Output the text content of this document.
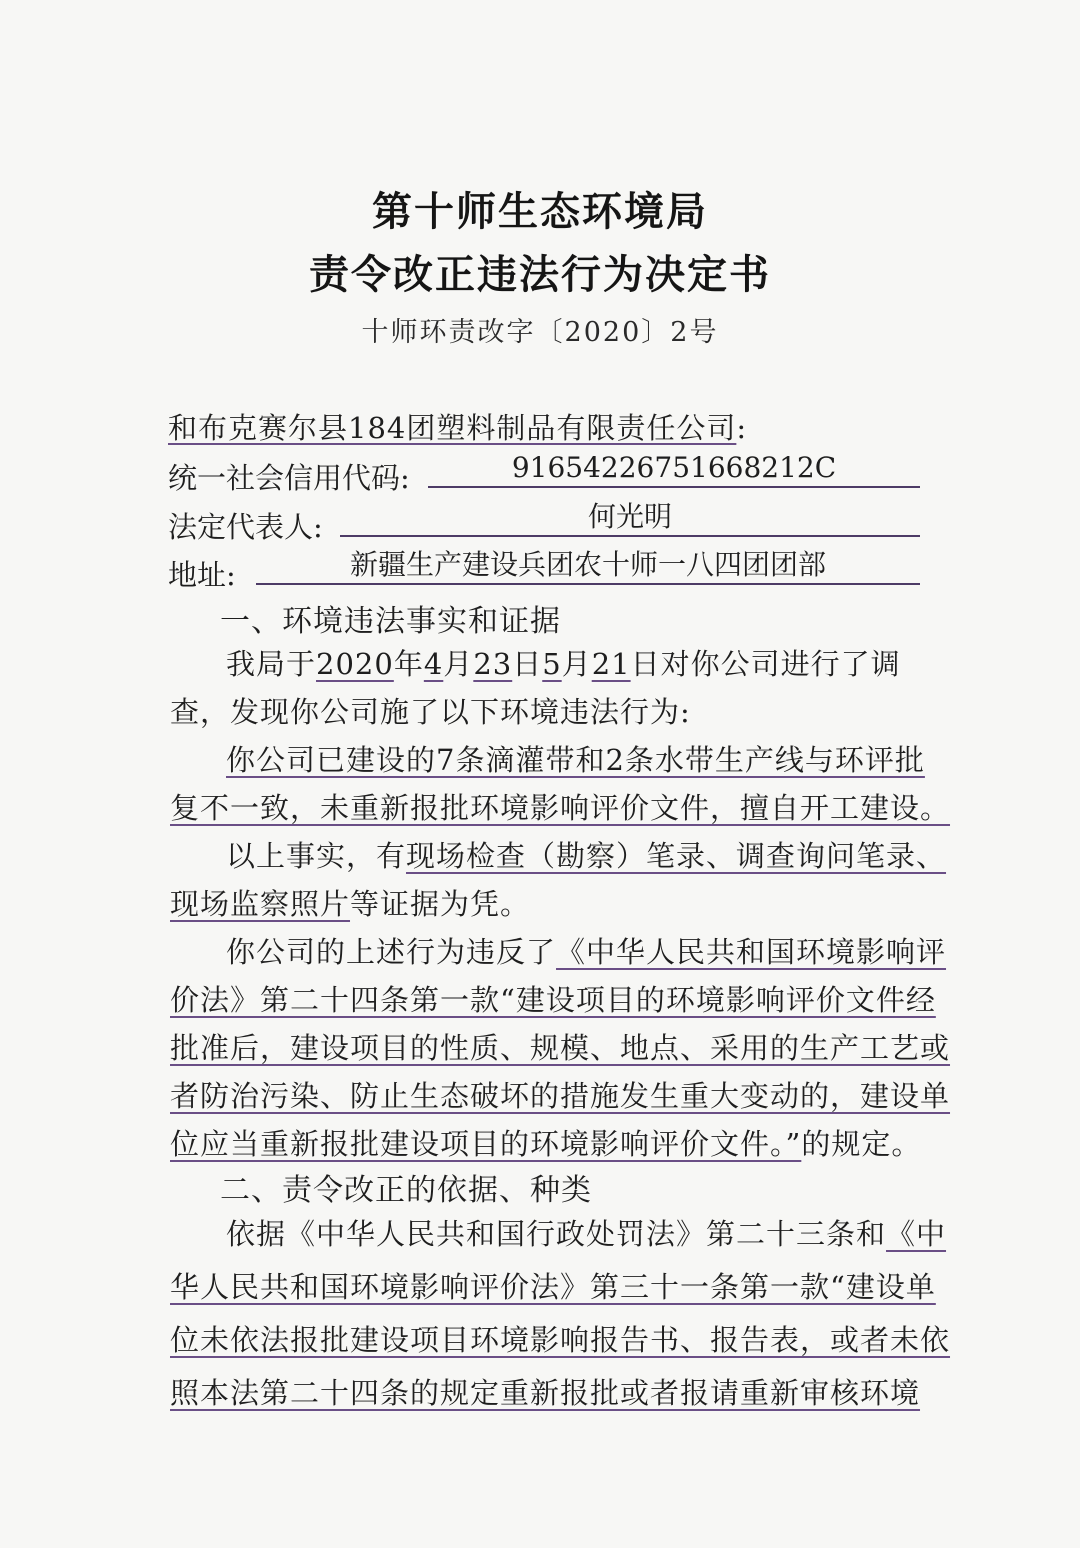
第十师生态环境局
责令改正违法行为决定书
十师环责改字〔2020〕2号
和布克赛尔县184团塑料制品有限责任公司:
统一社会信用代码:	91654226751668212C
法定代表人:	何光明
地址:	新疆生产建设兵团农十师一八四团团部
一、环境违法事实和证据
我局于2020年4月23日5月21日对你公司进行了调
查，发现你公司施了以下环境违法行为:
你公司已建设的7条滴灌带和2条水带生产线与环评批
复不一致，未重新报批环境影响评价文件，擅自开工建设。
以上事实，有现场检查（勘察）笔录、调查询问笔录、
现场监察照片等证据为凭。
你公司的上述行为违反了《中华人民共和国环境影响评
价法》第二十四条第一款“建设项目的环境影响评价文件经
批准后，建设项目的性质、规模、地点、采用的生产工艺或
者防治污染、防止生态破坏的措施发生重大变动的，建设单
位应当重新报批建设项目的环境影响评价文件。”的规定。
二、责令改正的依据、种类
依据《中华人民共和国行政处罚法》第二十三条和《中
华人民共和国环境影响评价法》第三十一条第一款“建设单
位未依法报批建设项目环境影响报告书、报告表，或者未依
照本法第二十四条的规定重新报批或者报请重新审核环境
